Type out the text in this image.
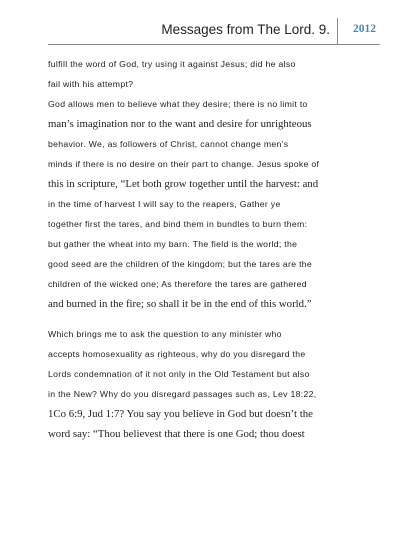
Messages from The Lord. 9. 2012
fulfill the word of God, try using it against Jesus; did he also
fail with his attempt?
God allows men to believe what they desire; there is no limit to
man’s imagination nor to the want and desire for unrighteous
behavior. We, as followers of Christ, cannot change men’s
minds if there is no desire on their part to change. Jesus spoke of
this in scripture, “Let both grow together until the harvest: and
in the time of harvest I will say to the reapers, Gather ye
together first the tares, and bind them in bundles to burn them:
but gather the wheat into my barn. The field is the world; the
good seed are the children of the kingdom; but the tares are the
children of the wicked one; As therefore the tares are gathered
and burned in the fire; so shall it be in the end of this world.”
Which brings me to ask the question to any minister who
accepts homosexuality as righteous, why do you disregard the
Lords condemnation of it not only in the Old Testament but also
in the New? Why do you disregard passages such as, Lev 18:22,
1Co 6:9, Jud 1:7? You say you believe in God but doesn’t the
word say: “Thou believest that there is one God; thou doest
